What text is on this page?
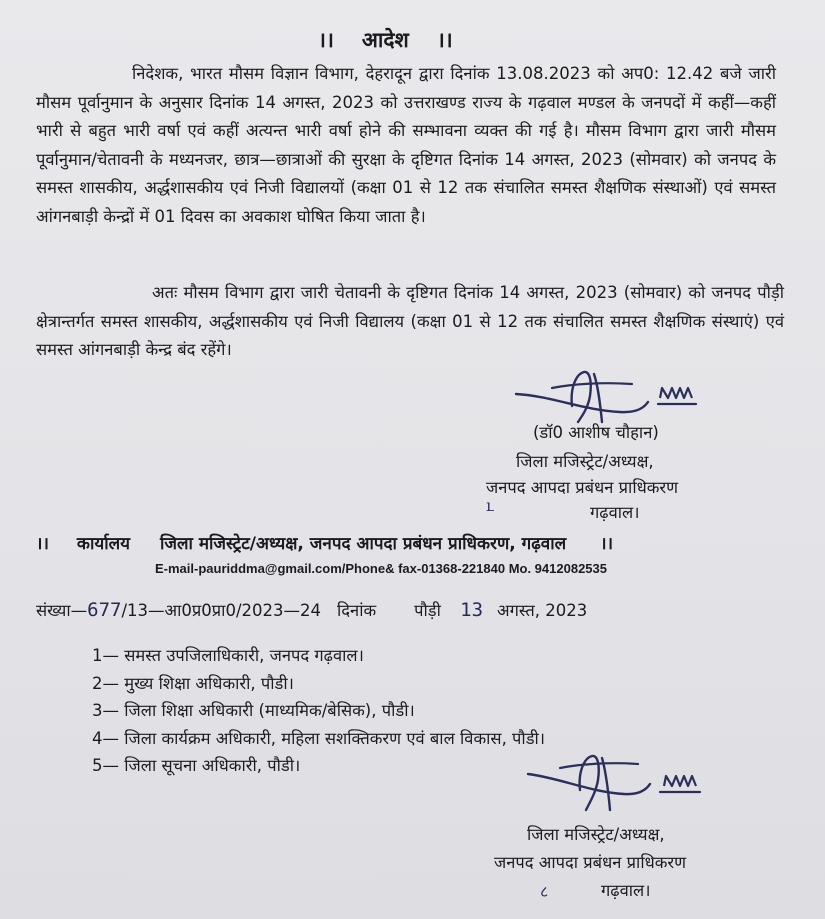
।। आदेश ।।
निदेशक, भारत मौसम विज्ञान विभाग, देहरादून द्वारा दिनांक 13.08.2023 को अप0: 12.42 बजे जारी मौसम पूर्वानुमान के अनुसार दिनांक 14 अगस्त, 2023 को उत्तराखण्ड राज्य के गढ़वाल मण्डल के जनपदों में कहीं—कहीं भारी से बहुत भारी वर्षा एवं कहीं अत्यन्त भारी वर्षा होने की सम्भावना व्यक्त की गई है। मौसम विभाग द्वारा जारी मौसम पूर्वानुमान/चेतावनी के मध्यनजर, छात्र—छात्राओं की सुरक्षा के दृष्टिगत दिनांक 14 अगस्त, 2023 (सोमवार) को जनपद के समस्त शासकीय, अर्द्धशासकीय एवं निजी विद्यालयों (कक्षा 01 से 12 तक संचालित समस्त शैक्षणिक संस्थाओं) एवं समस्त आंगनबाड़ी केन्द्रों में 01 दिवस का अवकाश घोषित किया जाता है।
अतः मौसम विभाग द्वारा जारी चेतावनी के दृष्टिगत दिनांक 14 अगस्त, 2023 (सोमवार) को जनपद पौड़ी क्षेत्रान्तर्गत समस्त शासकीय, अर्द्धशासकीय एवं निजी विद्यालय (कक्षा 01 से 12 तक संचालित समस्त शैक्षणिक संस्थाएं) एवं समस्त आंगनबाड़ी केन्द्र बंद रहेंगे।
(डॉ0 आशीष चौहान)
जिला मजिस्ट्रेट/अध्यक्ष,
जनपद आपदा प्रबंधन प्राधिकरण
ւ	गढ़वाल।
।। कार्यालय जिला मजिस्ट्रेट/अध्यक्ष, जनपद आपदा प्रबंधन प्राधिकरण, गढ़वाल ।।
E-mail-pauriddma@gmail.com/Phone& fax-01368-221840 Mo. 9412082535
संख्या—677/13—आ0प्र0प्रा0/2023—24 दिनांक पौड़ी 13 अगस्त, 2023
1— समस्त उपजिलाधिकारी, जनपद गढ़वाल।
2— मुख्य शिक्षा अधिकारी, पौडी।
3— जिला शिक्षा अधिकारी (माध्यमिक/बेसिक), पौडी।
4— जिला कार्यक्रम अधिकारी, महिला सशक्तिकरण एवं बाल विकास, पौडी।
5— जिला सूचना अधिकारी, पौडी।
जिला मजिस्ट्रेट/अध्यक्ष,
जनपद आपदा प्रबंधन प्राधिकरण
८	गढ़वाल।
